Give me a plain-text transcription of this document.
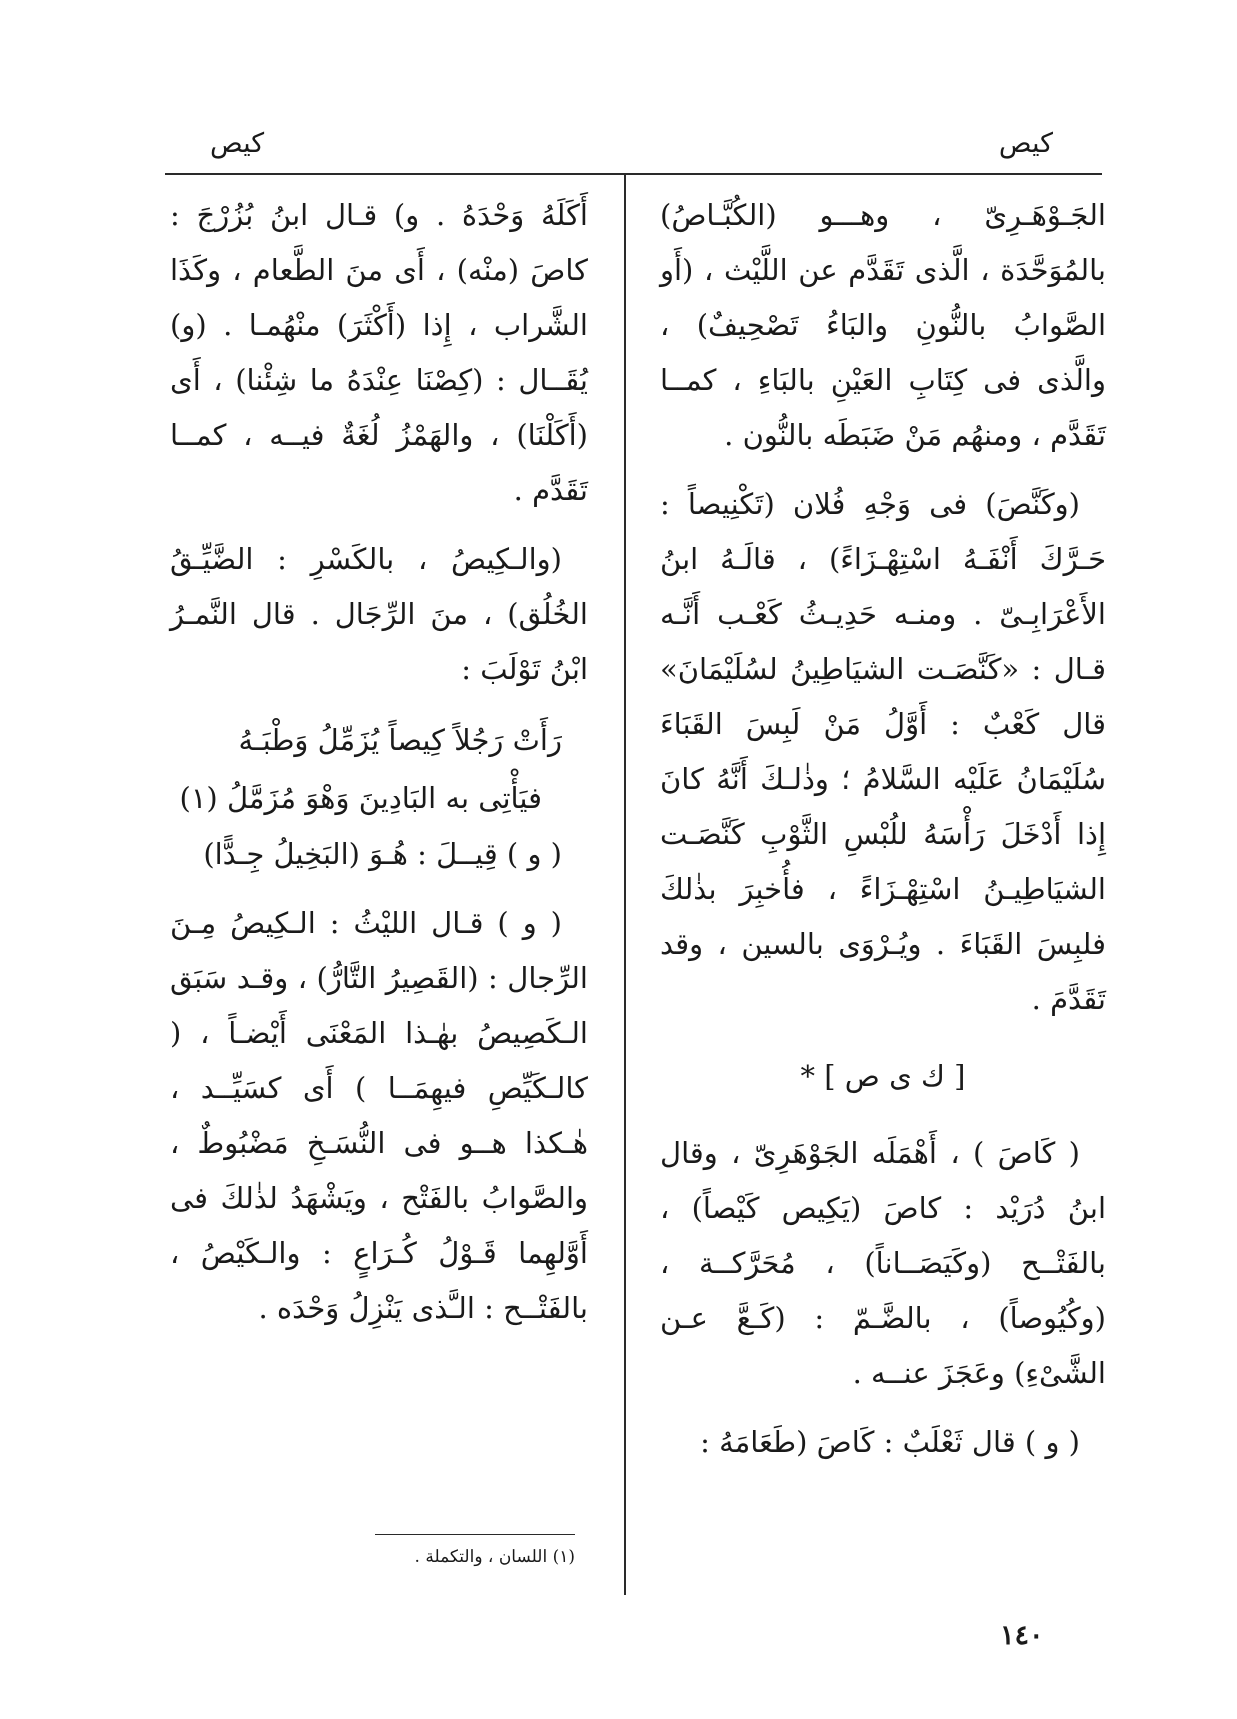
كيص
كيص

الجَـوْهَـرِىّ ، وهـــو (الكُبَّـاصُ) بالمُوَحَّدَة ، الَّذى تَقَدَّم عن اللَّيْث ، (أَو الصَّوابُ بالنُّونِ والبَاءُ تَصْحِيفٌ) ، والَّذى فى كِتَابِ العَيْنِ بالبَاءِ ، كمــا تَقَدَّم ، ومنهُم مَنْ ضَبَطَه بالنُّون .

(وكَنَّصَ) فى وَجْهِ فُلان (تَكْنِيصاً : حَـرَّكَ أَنْفَـهُ اسْتِهْـزَاءً) ، قالَـهُ ابنُ الأَعْرَابِـىّ . ومنـه حَدِيـثُ كَعْـب أَنَّـه قـال : «كَنَّصَـت الشيَاطِينُ لسُلَيْمَانَ» قال كَعْبٌ : أَوَّلُ مَنْ لَبِسَ القَبَاءَ سُلَيْمَانُ عَلَيْه السَّلامُ ؛ وذٰلـكَ أَنَّهُ كانَ إِذا أَدْخَلَ رَأْسَهُ للُبْسِ الثَّوْبِ كَنَّصَـت الشيَاطِيـنُ اسْتِهْـزَاءً ، فأُخبِرَ بذٰلكَ فلبِسَ القَبَاءَ . ويُـرْوَى بالسين ، وقد تَقَدَّمَ .

[ ك ى ص ] *

( كَاصَ ) ، أَهْمَلَه الجَوْهَرِىّ ، وقال ابنُ دُرَيْد : كاصَ (يَكِيص كَيْصاً) ، بالفَتْــح (وكَيَصَــاناً) ، مُحَرَّكــة ، (وكُيُوصاً) ، بالضَّـمّ : (كَـعَّ عـن الشَّىْءِ) وعَجَزَ عنــه .

( و ) قال ثَعْلَبٌ : كَاصَ (طَعَامَهُ :

أَكَلَهُ وَحْدَهُ . و) قـال ابنُ بُزُرْجَ : كاصَ (منْه) ، أَى منَ الطَّعام ، وكَذَا الشَّراب ، إِذا (أَكْثَرَ) منْهُمـا . (و) يُقَــال : (كِصْنَا عِنْدَهُ ما شِئْنا) ، أَى (أَكَلْنَا) ، والهَمْزُ لُغَةٌ فيــه ، كمــا تَقَدَّم .

(والـكِيصُ ، بالكَسْرِ : الضَّيِّـقُ الخُلُق) ، منَ الرِّجَال . قال النَّمـرُ ابْنُ تَوْلَبَ :

رَأَتْ رَجُلاً كِيصاً يُزَمِّلُ وَطْبَـهُ
فيَأْتِى به البَادِينَ وَهْوَ مُزَمَّلُ (١)

( و ) قِيــلَ : هُـوَ (البَخِيلُ جِـدًّا)

( و ) قـال الليْثُ : الـكِيصُ مِـنَ الرِّجال : (القَصِيرُ التَّارُّ) ، وقـد سَبَق الـكَصِيصُ بهٰـذا المَعْنَى أَيْضـاً ، ( كالـكَيِّصِ فيهِمَــا ) أَى كسَيِّــد ، هٰـكذا هــو فى النُّسَـخِ مَضْبُوطٌ ، والصَّوابُ بالفَتْح ، ويَشْهَدُ لذٰلكَ فى أَوَّلهِما قَـوْلُ كُـرَاعٍ : والـكَيْصُ ، بالفَتْــح : الـَّذى يَنْزِلُ وَحْدَه .

(١) اللسان ، والتكملة .
١٤٠
